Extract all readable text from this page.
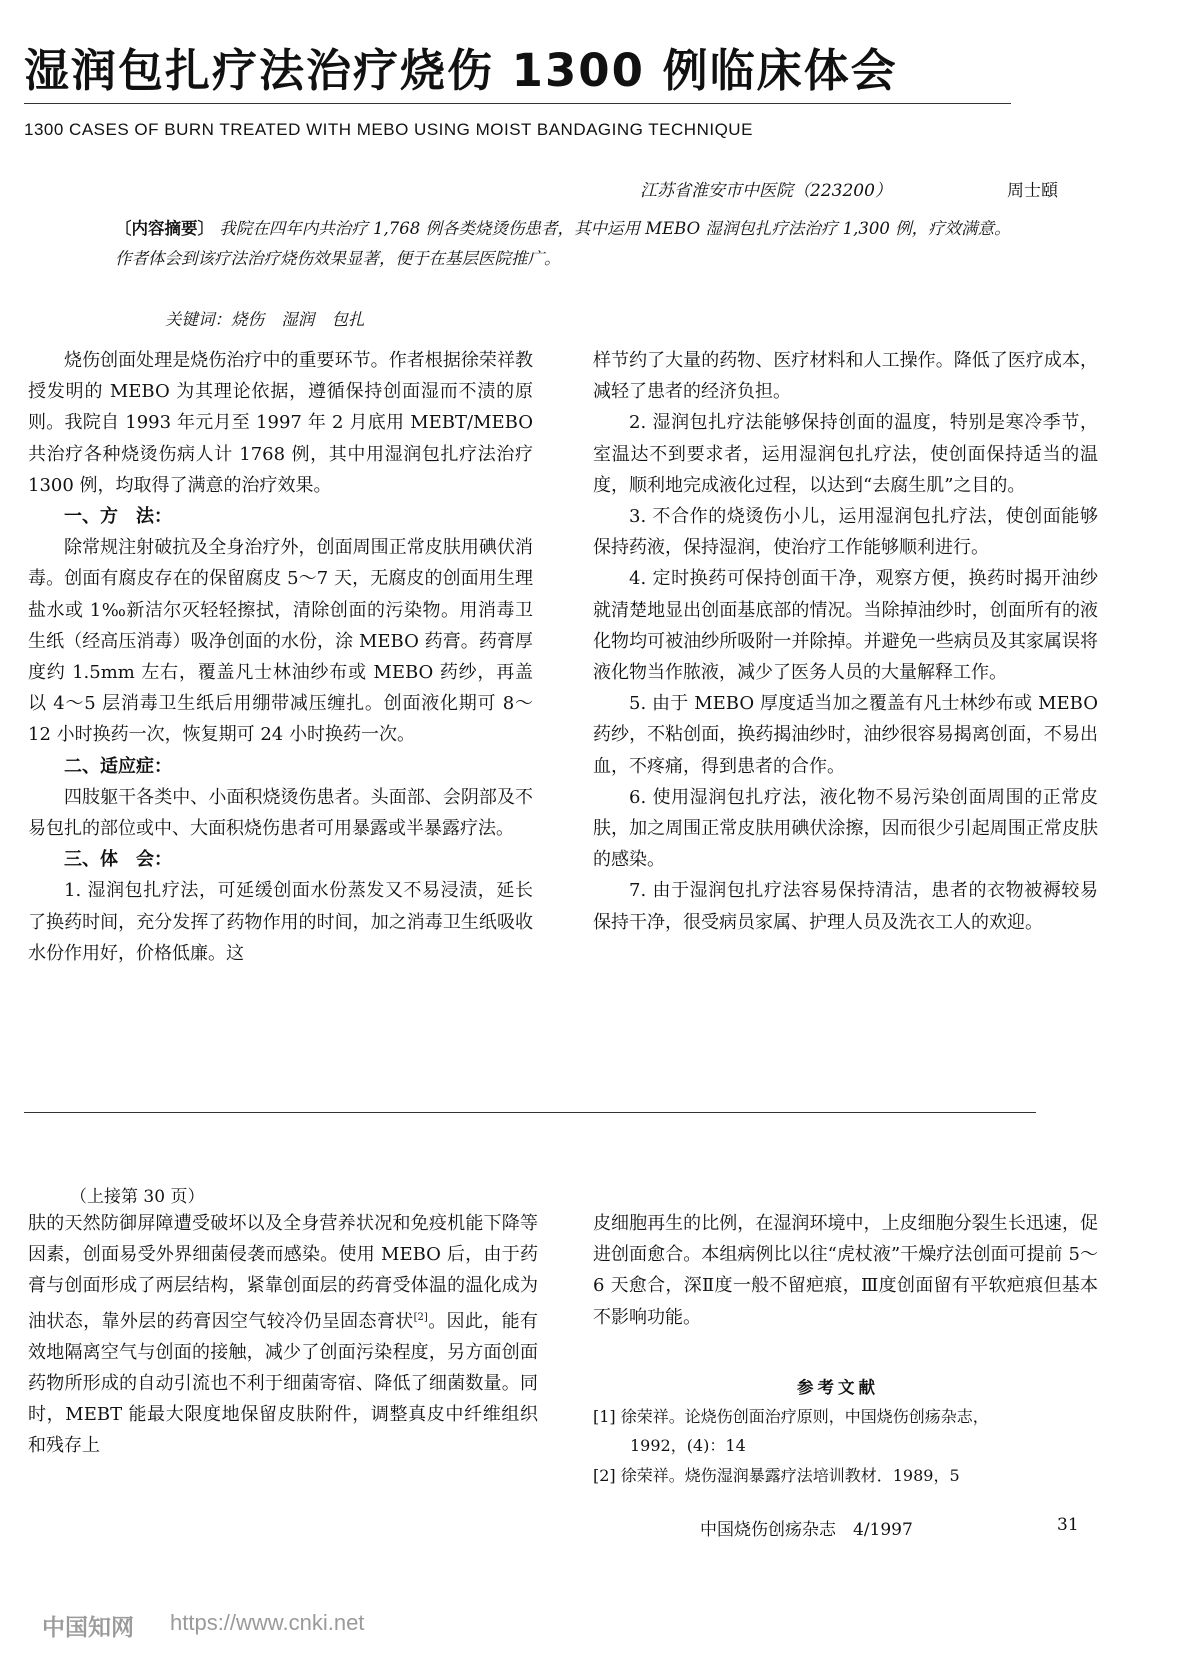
湿润包扎疗法治疗烧伤 1300 例临床体会
1300 CASES OF BURN TREATED WITH MEBO USING MOIST BANDAGING TECHNIQUE
江苏省淮安市中医院（223200）	周士頤
〔内容摘要〕 我院在四年内共治疗 1,768 例各类烧烫伤患者，其中运用 MEBO 湿润包扎疗法治疗 1,300 例，疗效满意。作者体会到该疗法治疗烧伤效果显著，便于在基层医院推广。
关键词：烧伤 湿润 包扎

烧伤创面处理是烧伤治疗中的重要环节。作者根据徐荣祥教授发明的 MEBO 为其理论依据，遵循保持创面湿而不渍的原则。我院自 1993 年元月至 1997 年 2 月底用 MEBT/MEBO 共治疗各种烧烫伤病人计 1768 例，其中用湿润包扎疗法治疗 1300 例，均取得了满意的治疗效果。

一、方　法：

除常规注射破抗及全身治疗外，创面周围正常皮肤用碘伏消毒。创面有腐皮存在的保留腐皮 5～7 天，无腐皮的创面用生理盐水或 1‰新洁尔灭轻轻擦拭，清除创面的污染物。用消毒卫生纸（经高压消毒）吸净创面的水份，涂 MEBO 药膏。药膏厚度约 1.5mm 左右，覆盖凡士林油纱布或 MEBO 药纱，再盖以 4～5 层消毒卫生纸后用绷带减压缠扎。创面液化期可 8～12 小时换药一次，恢复期可 24 小时换药一次。

二、适应症：

四肢躯干各类中、小面积烧烫伤患者。头面部、会阴部及不易包扎的部位或中、大面积烧伤患者可用暴露或半暴露疗法。

三、体　会：

1. 湿润包扎疗法，可延缓创面水份蒸发又不易浸渍，延长了换药时间，充分发挥了药物作用的时间，加之消毒卫生纸吸收水份作用好，价格低廉。这

样节约了大量的药物、医疗材料和人工操作。降低了医疗成本，减轻了患者的经济负担。

2. 湿润包扎疗法能够保持创面的温度，特别是寒冷季节，室温达不到要求者，运用湿润包扎疗法，使创面保持适当的温度，顺利地完成液化过程，以达到“去腐生肌”之目的。

3. 不合作的烧烫伤小儿，运用湿润包扎疗法，使创面能够保持药液，保持湿润，使治疗工作能够顺利进行。

4. 定时换药可保持创面干净，观察方便，换药时揭开油纱就清楚地显出创面基底部的情况。当除掉油纱时，创面所有的液化物均可被油纱所吸附一并除掉。并避免一些病员及其家属误将液化物当作脓液，减少了医务人员的大量解释工作。

5. 由于 MEBO 厚度适当加之覆盖有凡士林纱布或 MEBO 药纱，不粘创面，换药揭油纱时，油纱很容易揭离创面，不易出血，不疼痛，得到患者的合作。

6. 使用湿润包扎疗法，液化物不易污染创面周围的正常皮肤，加之周围正常皮肤用碘伏涂擦，因而很少引起周围正常皮肤的感染。

7. 由于湿润包扎疗法容易保持清洁，患者的衣物被褥较易保持干净，很受病员家属、护理人员及洗衣工人的欢迎。

（上接第 30 页）

肤的天然防御屏障遭受破坏以及全身营养状况和免疫机能下降等因素，创面易受外界细菌侵袭而感染。使用 MEBO 后，由于药膏与创面形成了两层结构，紧靠创面层的药膏受体温的温化成为油状态，靠外层的药膏因空气较冷仍呈固态膏状[2]。因此，能有效地隔离空气与创面的接触，减少了创面污染程度，另方面创面药物所形成的自动引流也不利于细菌寄宿、降低了细菌数量。同时，MEBT 能最大限度地保留皮肤附件，调整真皮中纤维组织和残存上

皮细胞再生的比例，在湿润环境中，上皮细胞分裂生长迅速，促进创面愈合。本组病例比以往“虎杖液”干燥疗法创面可提前 5～6 天愈合，深Ⅱ度一般不留疤痕，Ⅲ度创面留有平软疤痕但基本不影响功能。

参考文献
[1] 徐荣祥。论烧伤创面治疗原则，中国烧伤创疡杂志，
1992，(4)：14
[2] 徐荣祥。烧伤湿润暴露疗法培训教材．1989，5
中国烧伤创疡杂志　4/1997	31
中国知网 https://www.cnki.net
